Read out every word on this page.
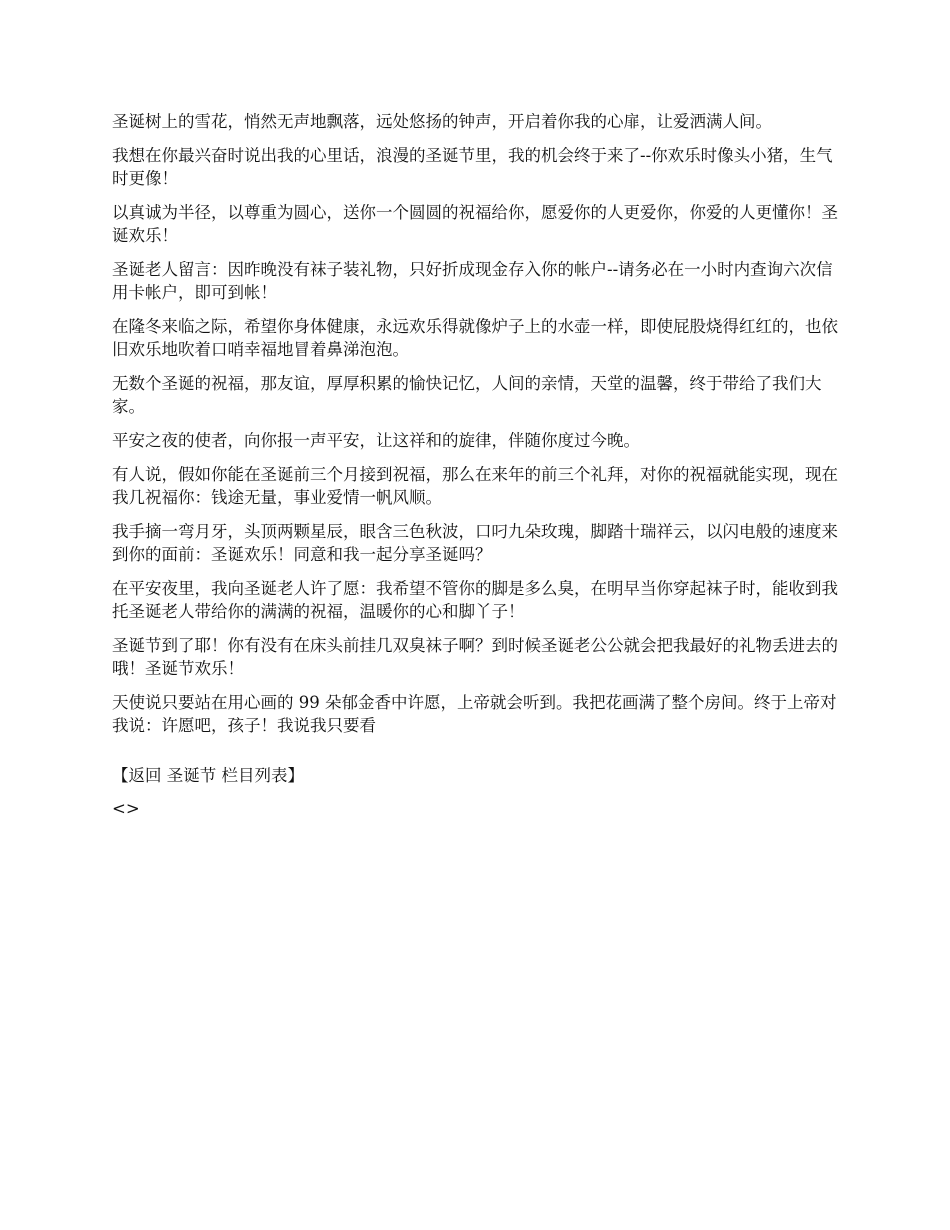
圣诞树上的雪花，悄然无声地飘落，远处悠扬的钟声，开启着你我的心扉，让爱洒满人间。

我想在你最兴奋时说出我的心里话，浪漫的圣诞节里，我的机会终于来了--你欢乐时像头小猪，生气时更像！

以真诚为半径，以尊重为圆心，送你一个圆圆的祝福给你，愿爱你的人更爱你，你爱的人更懂你！圣诞欢乐！

圣诞老人留言：因昨晚没有袜子装礼物，只好折成现金存入你的帐户--请务必在一小时内查询六次信用卡帐户，即可到帐！

在隆冬来临之际，希望你身体健康，永远欢乐得就像炉子上的水壶一样，即使屁股烧得红红的，也依旧欢乐地吹着口哨幸福地冒着鼻涕泡泡。

无数个圣诞的祝福，那友谊，厚厚积累的愉快记忆，人间的亲情，天堂的温馨，终于带给了我们大家。

平安之夜的使者，向你报一声平安，让这祥和的旋律，伴随你度过今晚。

有人说，假如你能在圣诞前三个月接到祝福，那么在来年的前三个礼拜，对你的祝福就能实现，现在我几祝福你：钱途无量，事业爱情一帆风顺。

我手摘一弯月牙，头顶两颗星辰，眼含三色秋波，口叼九朵玫瑰，脚踏十瑞祥云，以闪电般的速度来到你的面前：圣诞欢乐！同意和我一起分享圣诞吗？

在平安夜里，我向圣诞老人许了愿：我希望不管你的脚是多么臭，在明早当你穿起袜子时，能收到我托圣诞老人带给你的满满的祝福，温暖你的心和脚丫子！

圣诞节到了耶！你有没有在床头前挂几双臭袜子啊？到时候圣诞老公公就会把我最好的礼物丢进去的哦！圣诞节欢乐！

天使说只要站在用心画的 99 朵郁金香中许愿，上帝就会听到。我把花画满了整个房间。终于上帝对我说：许愿吧，孩子！我说我只要看

【返回 圣诞节 栏目列表】
<>
